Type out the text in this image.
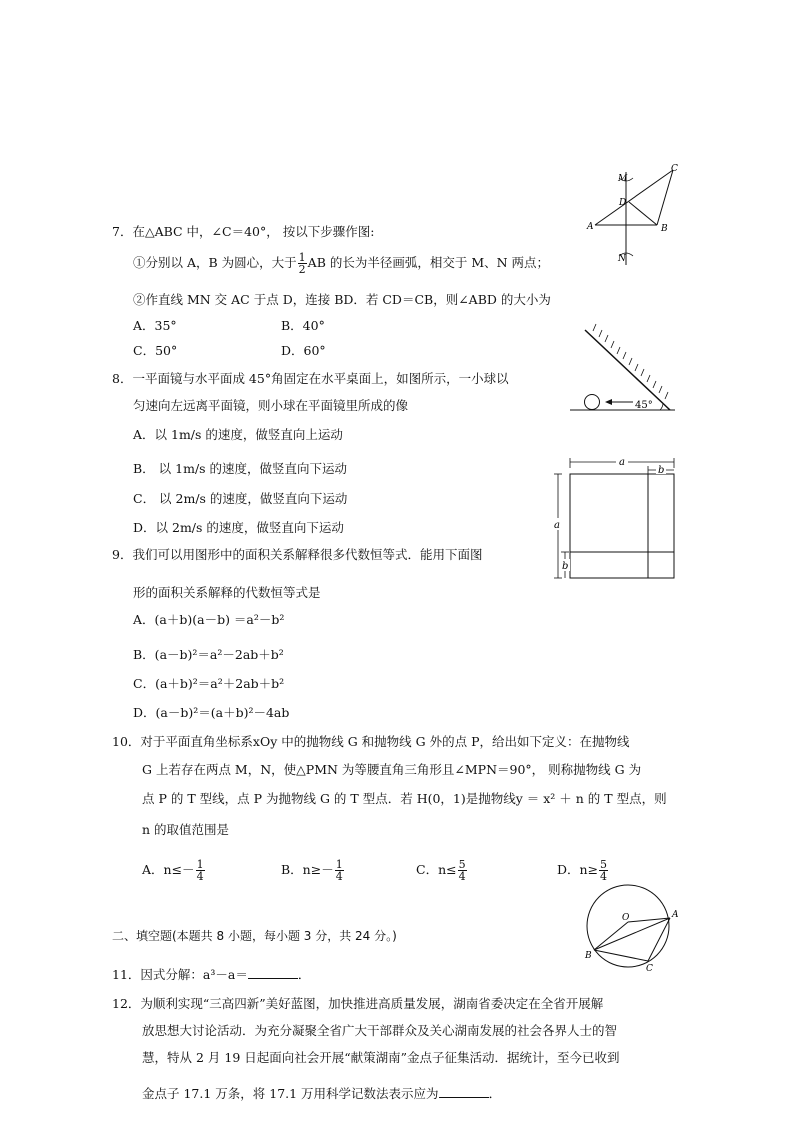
7．在△ABC 中，∠C＝40°， 按以下步骤作图:
①分别以 A，B 为圆心，大于 $\frac{1}{2}$ AB 的长为半径画弧，相交于 M、N 两点；
②作直线 MN 交 AC 于点 D，连接 BD．若 CD＝CB，则∠ABD 的大小为
A．35°	B．40°
C．50°	D．60°
M
C
D
A	B
N
8．一平面镜与水平面成 45°角固定在水平桌面上，如图所示，一小球以
匀速向左远离平面镜，则小球在平面镜里所成的像
A．以 1m/s 的速度，做竖直向上运动
B． 以 1m/s 的速度，做竖直向下运动
C． 以 2m/s 的速度，做竖直向下运动
D．以 2m/s 的速度，做竖直向下运动
45°
9．我们可以用图形中的面积关系解释很多代数恒等式．能用下面图
形的面积关系解释的代数恒等式是
A．(a＋b)(a－b) ＝a²－b²
B．(a－b)²＝a²－2ab＋b²
C．(a＋b)²＝a²＋2ab＋b²
D．(a－b)²＝(a＋b)²－4ab
a
b
a
b
10．对于平面直角坐标系xOy 中的抛物线 G 和抛物线 G 外的点 P，给出如下定义：在抛物线
G 上若存在两点 M，N，使△PMN 为等腰直角三角形且∠MPN＝90°， 则称抛物线 G 为
点 P 的 T 型线，点 P 为抛物线 G 的 T 型点．若 H(0，1)是抛物线y ＝ x² ＋ n 的 T 型点，则
n 的取值范围是
A．$n\le- \frac{1}{4}$	B．$n\ge- \frac{1}{4}$	C．$n\le \frac{5}{4}$	D．$n\ge \frac{5}{4}$
二、填空题(本题共 8 小题，每小题 3 分，共 24 分。)
O	A
B
C
11．因式分解：a³－a＝	．
12．为顺利实现“三高四新”美好蓝图，加快推进高质量发展，湖南省委决定在全省开展解
放思想大讨论活动．为充分凝聚全省广大干部群众及关心湖南发展的社会各界人士的智
慧，特从 2 月 19 日起面向社会开展“献策湖南”金点子征集活动．据统计，至今已收到
金点子 17.1 万条，将 17.1 万用科学记数法表示应为	．
